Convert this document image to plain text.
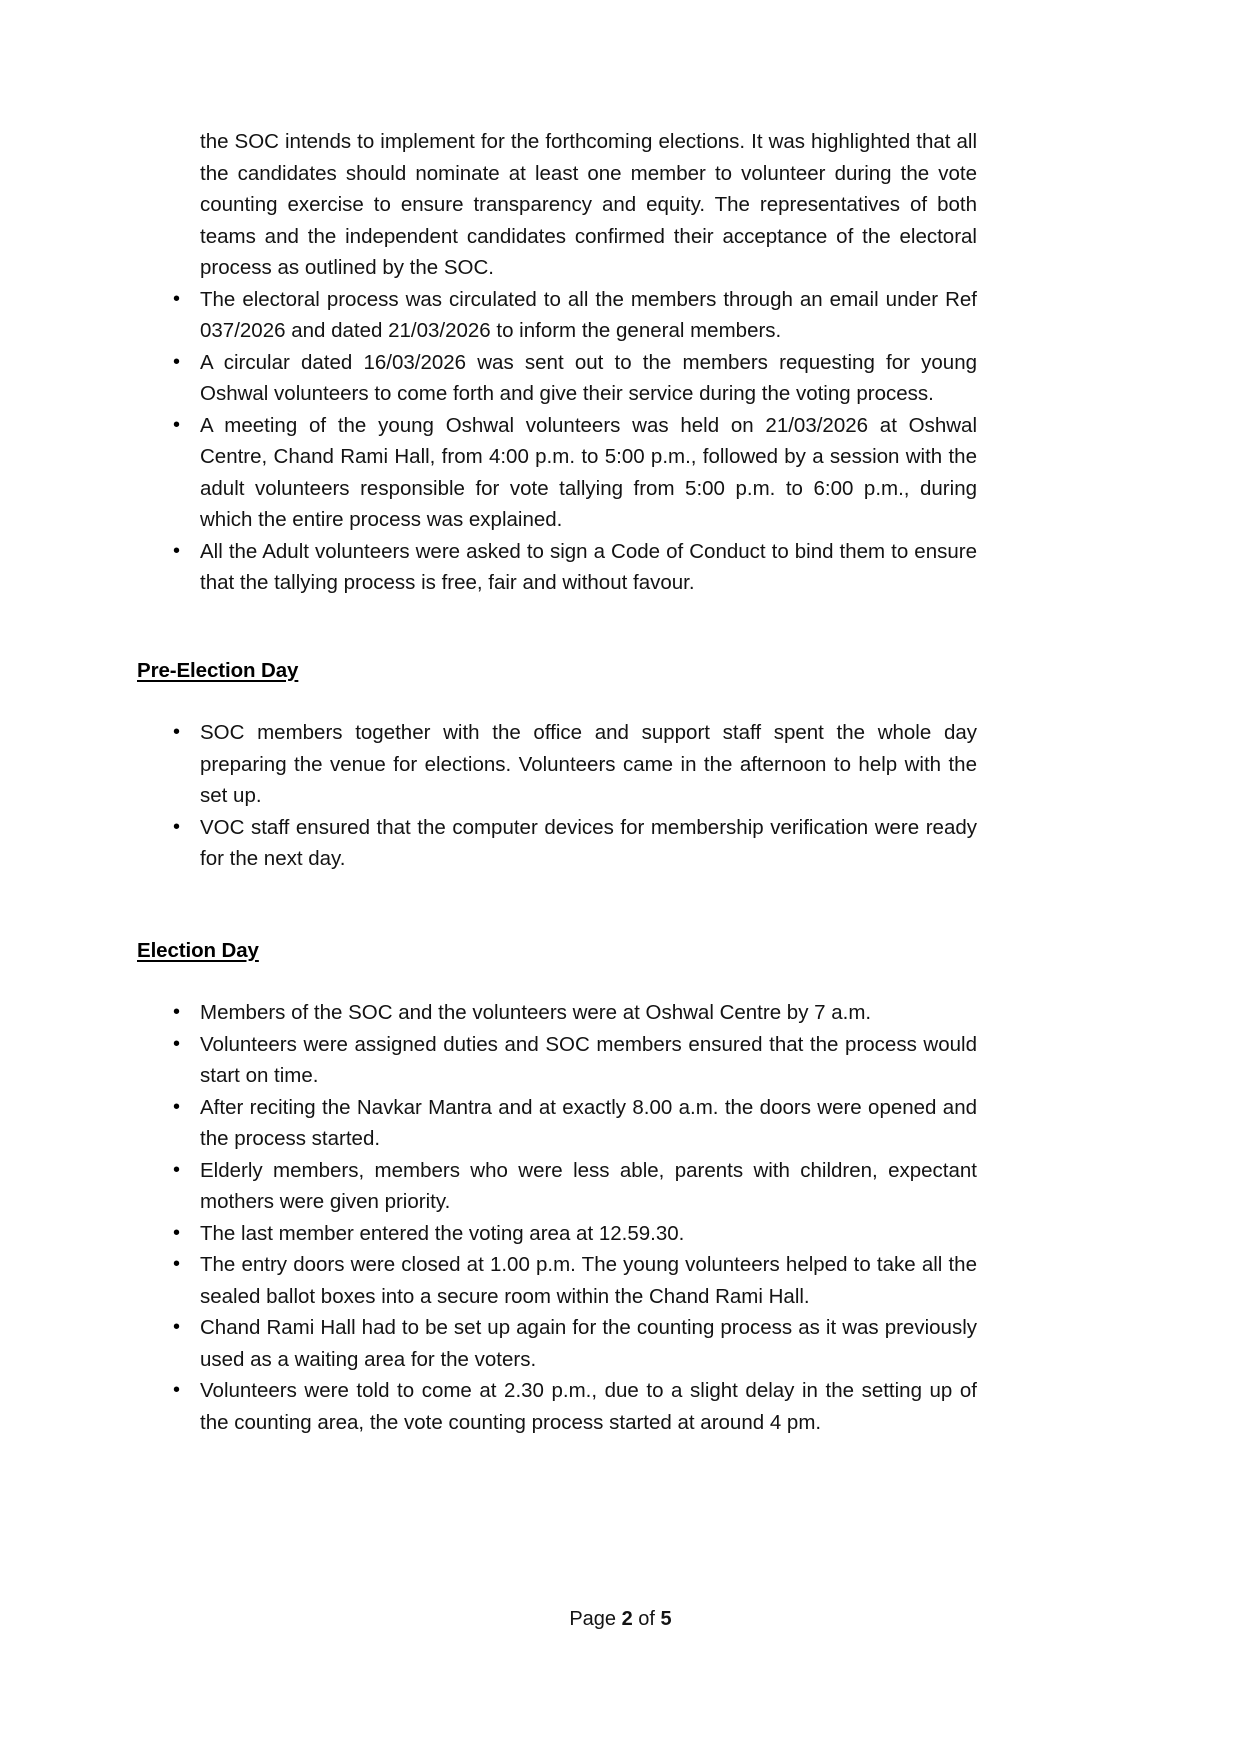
the SOC intends to implement for the forthcoming elections. It was highlighted that all the candidates should nominate at least one member to volunteer during the vote counting exercise to ensure transparency and equity. The representatives of both teams and the independent candidates confirmed their acceptance of the electoral process as outlined by the SOC.

• The electoral process was circulated to all the members through an email under Ref 037/2026 and dated 21/03/2026 to inform the general members.
• A circular dated 16/03/2026 was sent out to the members requesting for young Oshwal volunteers to come forth and give their service during the voting process.
• A meeting of the young Oshwal volunteers was held on 21/03/2026 at Oshwal Centre, Chand Rami Hall, from 4:00 p.m. to 5:00 p.m., followed by a session with the adult volunteers responsible for vote tallying from 5:00 p.m. to 6:00 p.m., during which the entire process was explained.
• All the Adult volunteers were asked to sign a Code of Conduct to bind them to ensure that the tallying process is free, fair and without favour.
Pre-Election Day
• SOC members together with the office and support staff spent the whole day preparing the venue for elections. Volunteers came in the afternoon to help with the set up.
• VOC staff ensured that the computer devices for membership verification were ready for the next day.
Election Day
• Members of the SOC and the volunteers were at Oshwal Centre by 7 a.m.
• Volunteers were assigned duties and SOC members ensured that the process would start on time.
• After reciting the Navkar Mantra and at exactly 8.00 a.m. the doors were opened and the process started.
• Elderly members, members who were less able, parents with children, expectant mothers were given priority.
• The last member entered the voting area at 12.59.30.
• The entry doors were closed at 1.00 p.m. The young volunteers helped to take all the sealed ballot boxes into a secure room within the Chand Rami Hall.
• Chand Rami Hall had to be set up again for the counting process as it was previously used as a waiting area for the voters.
• Volunteers were told to come at 2.30 p.m., due to a slight delay in the setting up of the counting area, the vote counting process started at around 4 pm.
Page 2 of 5
